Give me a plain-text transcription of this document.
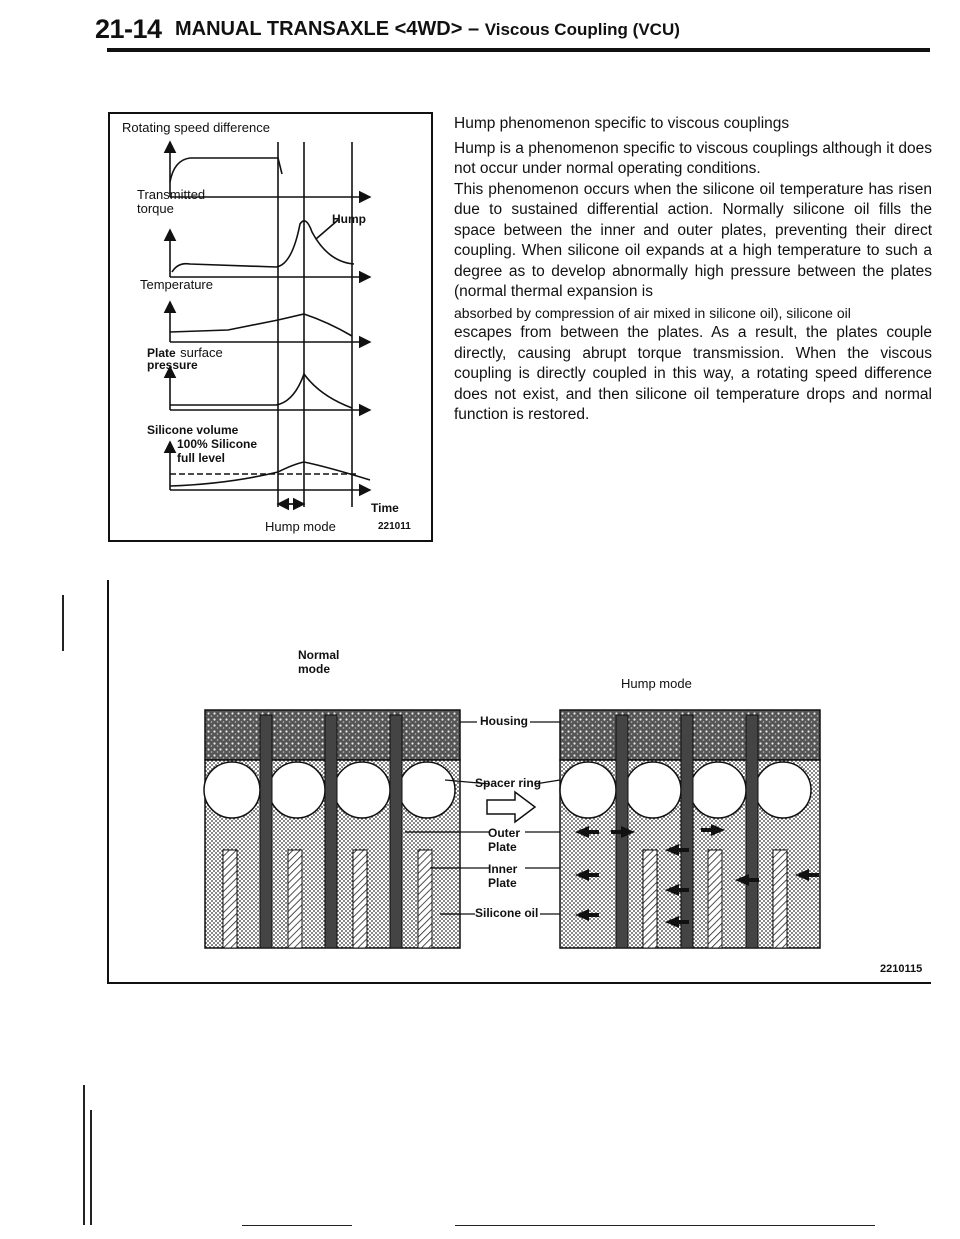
21-14 MANUAL TRANSAXLE <4WD> – Viscous Coupling (VCU)
Rotating speed difference
Transmitted
torque
Hump
Temperature
Plate surface
pressure
Silicone volume
100% Silicone
full level
Time
Hump mode	221011

Hump phenomenon specific to viscous couplings

Hump is a phenomenon specific to viscous couplings although it does not occur under normal operating conditions.

This phenomenon occurs when the silicone oil temperature has risen due to sustained differential action. Normally silicone oil fills the space between the inner and outer plates, preventing their direct coupling. When silicone oil expands at a high temperature to such a degree as to develop abnormally high pressure between the plates (normal thermal expansion is

absorbed by compression of air mixed in silicone oil), silicone oil

escapes from between the plates. As a result, the plates couple directly, causing abrupt torque transmission. When the viscous coupling is directly coupled in this way, a rotating speed difference does not exist, and then silicone oil temperature drops and normal function is restored.

Normal
mode
Hump mode
Housing
Spacer ring
Outer
Plate
Inner
Plate
Silicone oil
2210115
